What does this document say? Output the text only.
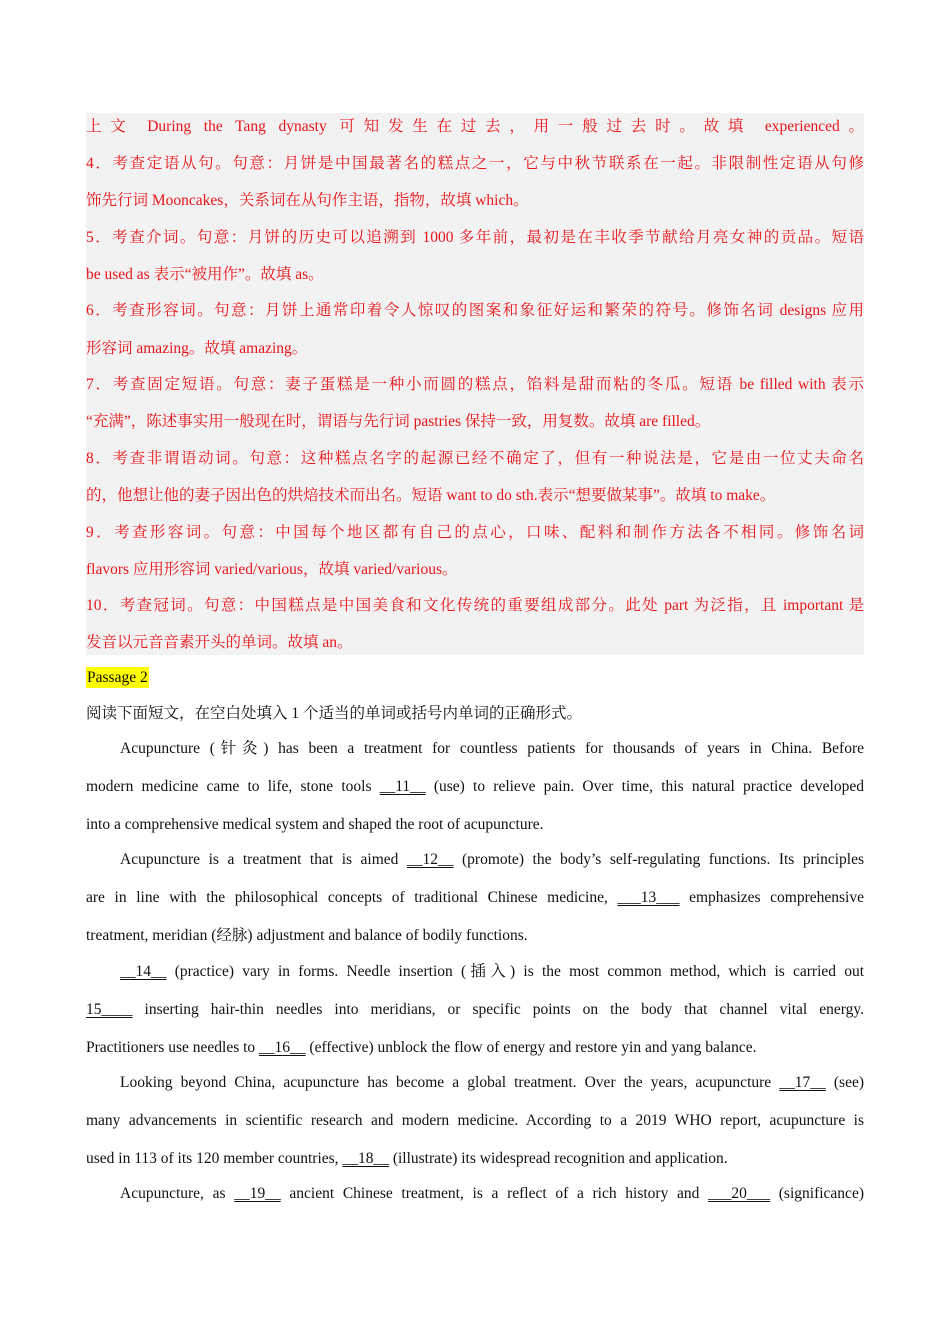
上文 During the Tang dynasty 可知发生在过去，用一般过去时。故填 experienced。
4．考查定语从句。句意：月饼是中国最著名的糕点之一，它与中秋节联系在一起。非限制性定语从句修
饰先行词 Mooncakes，关系词在从句作主语，指物，故填 which。
5．考查介词。句意：月饼的历史可以追溯到 1000 多年前，最初是在丰收季节献给月亮女神的贡品。短语
be used as 表示“被用作”。故填 as。
6．考查形容词。句意：月饼上通常印着令人惊叹的图案和象征好运和繁荣的符号。修饰名词 designs 应用
形容词 amazing。故填 amazing。
7．考查固定短语。句意：妻子蛋糕是一种小而圆的糕点，馅料是甜而粘的冬瓜。短语 be filled with 表示
“充满”，陈述事实用一般现在时，谓语与先行词 pastries 保持一致，用复数。故填 are filled。
8．考查非谓语动词。句意：这种糕点名字的起源已经不确定了，但有一种说法是，它是由一位丈夫命名
的，他想让他的妻子因出色的烘焙技术而出名。短语 want to do sth.表示“想要做某事”。故填 to make。
9．考查形容词。句意：中国每个地区都有自己的点心，口味、配料和制作方法各不相同。修饰名词
flavors 应用形容词 varied/various，故填 varied/various。
10．考查冠词。句意：中国糕点是中国美食和文化传统的重要组成部分。此处 part 为泛指，且 important 是
发音以元音音素开头的单词。故填 an。
Passage 2
阅读下面短文，在空白处填入 1 个适当的单词或括号内单词的正确形式。
Acupuncture (针灸) has been a treatment for countless patients for thousands of years in China. Before
modern medicine came to life, stone tools __11__ (use) to relieve pain. Over time, this natural practice developed
into a comprehensive medical system and shaped the root of acupuncture.
Acupuncture is a treatment that is aimed __12__ (promote) the body’s self-regulating functions. Its principles
are in line with the philosophical concepts of traditional Chinese medicine, ___13___ emphasizes comprehensive
treatment, meridian (经脉) adjustment and balance of bodily functions.
__14__ (practice) vary in forms. Needle insertion (插入) is the most common method, which is carried out
15____ inserting hair-thin needles into meridians, or specific points on the body that channel vital energy.
Practitioners use needles to __16__ (effective) unblock the flow of energy and restore yin and yang balance.
Looking beyond China, acupuncture has become a global treatment. Over the years, acupuncture __17__ (see)
many advancements in scientific research and modern medicine. According to a 2019 WHO report, acupuncture is
used in 113 of its 120 member countries, __18__ (illustrate) its widespread recognition and application.
Acupuncture, as __19__ ancient Chinese treatment, is a reflect of a rich history and ___20___ (significance)
